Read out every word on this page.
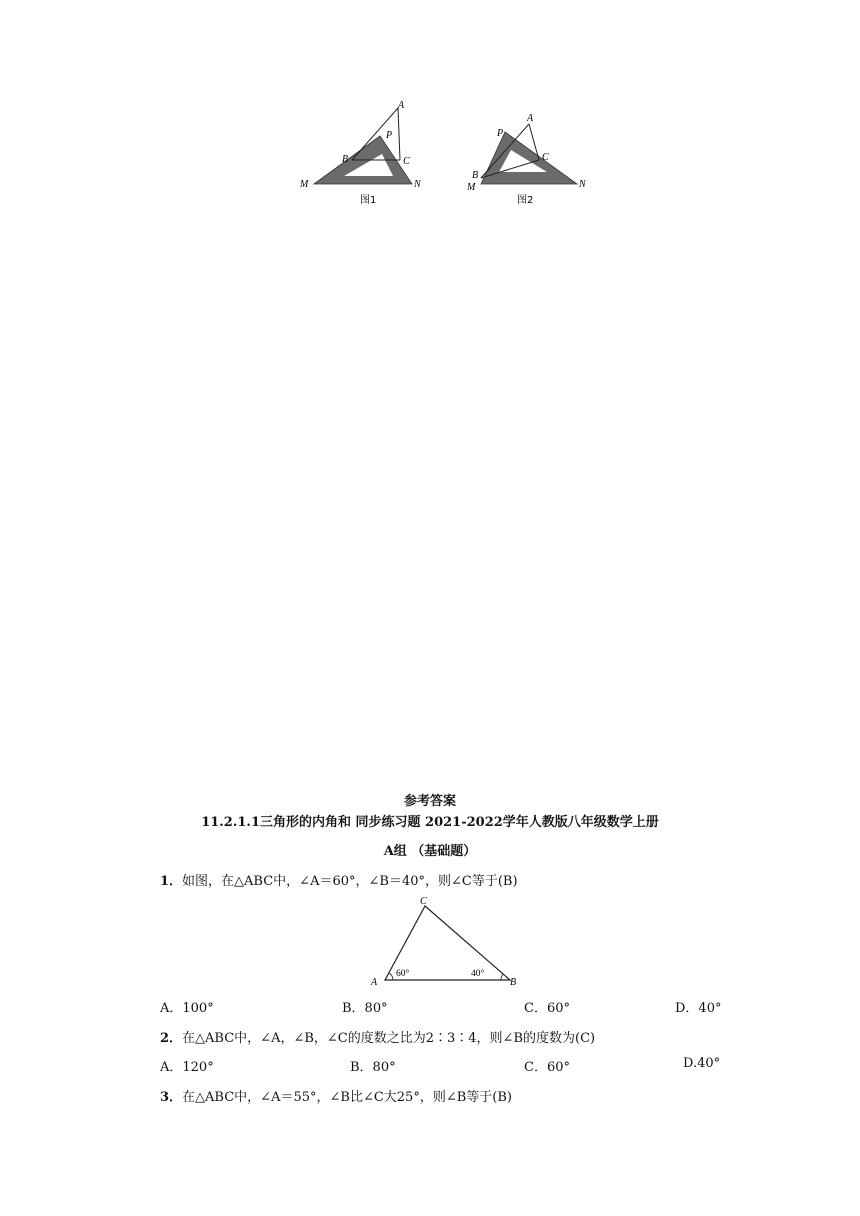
A
P
B	C
M	N
图1
A
P
B
C
M	N
图2
参考答案
11.2.1.1三角形的内角和 同步练习题 2021-2022学年人教版八年级数学上册
A组 （基础题）
1．如图，在△ABC中，∠A＝60°，∠B＝40°，则∠C等于(B)
C
A	B
60°	40°
A．100°	B．80°	C．60°	D．40°
2．在△ABC中，∠A，∠B，∠C的度数之比为2∶3∶4，则∠B的度数为(C)
A．120°	B．80°	C．60°	D.40°
3．在△ABC中，∠A＝55°，∠B比∠C大25°，则∠B等于(B)
